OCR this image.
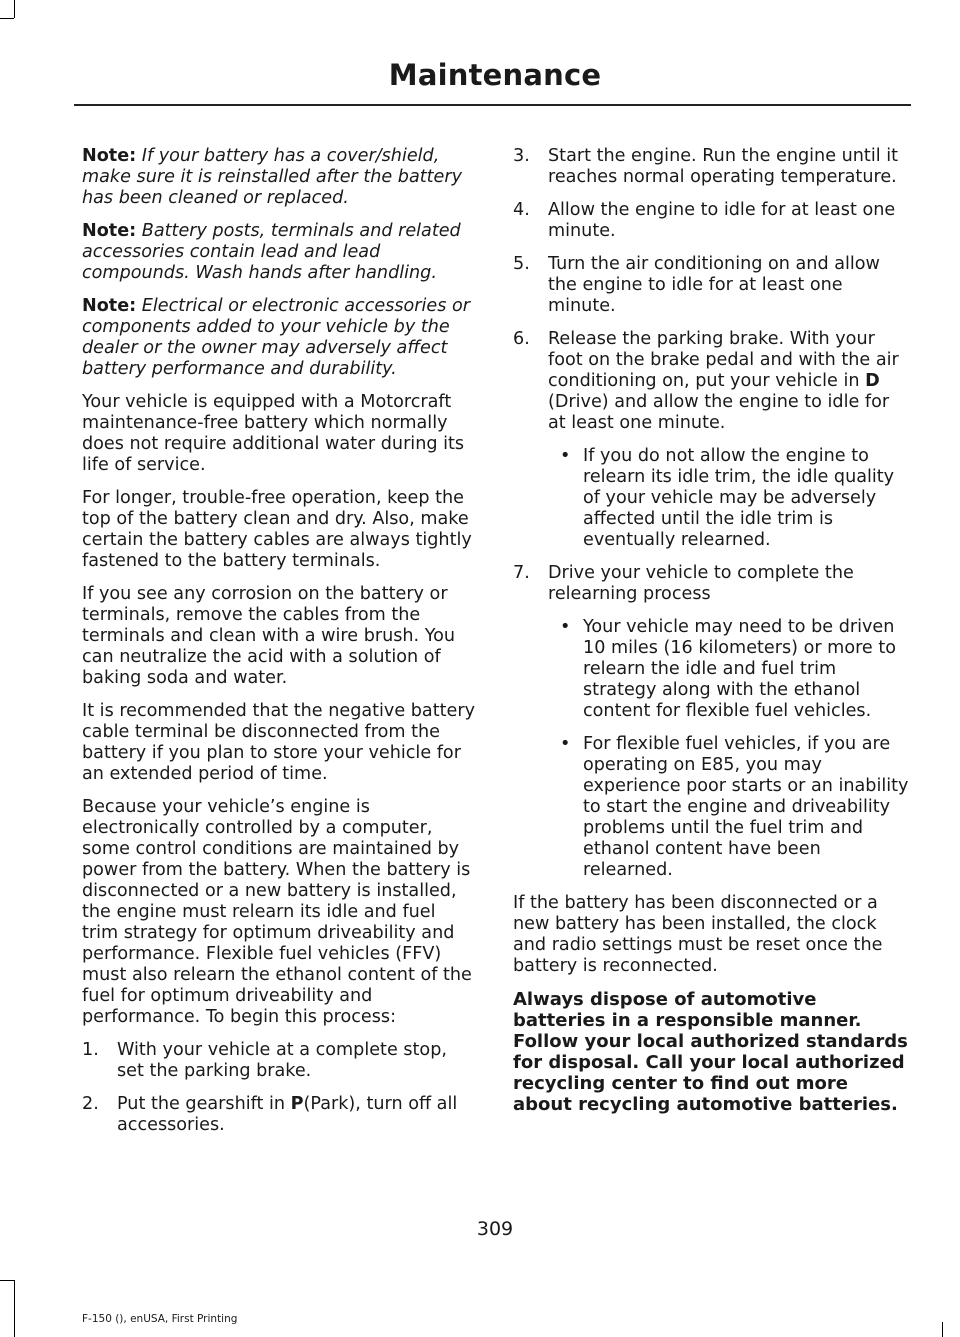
Maintenance

Note: If your battery has a cover/shield, make sure it is reinstalled after the battery has been cleaned or replaced.

Note: Battery posts, terminals and related accessories contain lead and lead compounds. Wash hands after handling.

Note: Electrical or electronic accessories or components added to your vehicle by the dealer or the owner may adversely affect battery performance and durability.

Your vehicle is equipped with a Motorcraft maintenance-free battery which normally does not require additional water during its life of service.

For longer, trouble-free operation, keep the top of the battery clean and dry. Also, make certain the battery cables are always tightly fastened to the battery terminals.

If you see any corrosion on the battery or terminals, remove the cables from the terminals and clean with a wire brush. You can neutralize the acid with a solution of baking soda and water.

It is recommended that the negative battery cable terminal be disconnected from the battery if you plan to store your vehicle for an extended period of time.

Because your vehicle’s engine is electronically controlled by a computer, some control conditions are maintained by power from the battery. When the battery is disconnected or a new battery is installed, the engine must relearn its idle and fuel trim strategy for optimum driveability and performance. Flexible fuel vehicles (FFV) must also relearn the ethanol content of the fuel for optimum driveability and performance. To begin this process:

1. With your vehicle at a complete stop, set the parking brake.
2. Put the gearshift in P(Park), turn off all accessories.
3. Start the engine. Run the engine until it reaches normal operating temperature.
4. Allow the engine to idle for at least one minute.
5. Turn the air conditioning on and allow the engine to idle for at least one minute.
6. Release the parking brake. With your foot on the brake pedal and with the air conditioning on, put your vehicle in D (Drive) and allow the engine to idle for at least one minute.
• If you do not allow the engine to relearn its idle trim, the idle quality of your vehicle may be adversely affected until the idle trim is eventually relearned.
7. Drive your vehicle to complete the relearning process
• Your vehicle may need to be driven 10 miles (16 kilometers) or more to relearn the idle and fuel trim strategy along with the ethanol content for flexible fuel vehicles.
• For flexible fuel vehicles, if you are operating on E85, you may experience poor starts or an inability to start the engine and driveability problems until the fuel trim and ethanol content have been relearned.

If the battery has been disconnected or a new battery has been installed, the clock and radio settings must be reset once the battery is reconnected.

Always dispose of automotive batteries in a responsible manner. Follow your local authorized standards for disposal. Call your local authorized recycling center to find out more about recycling automotive batteries.

309
F-150 (), enUSA, First Printing
